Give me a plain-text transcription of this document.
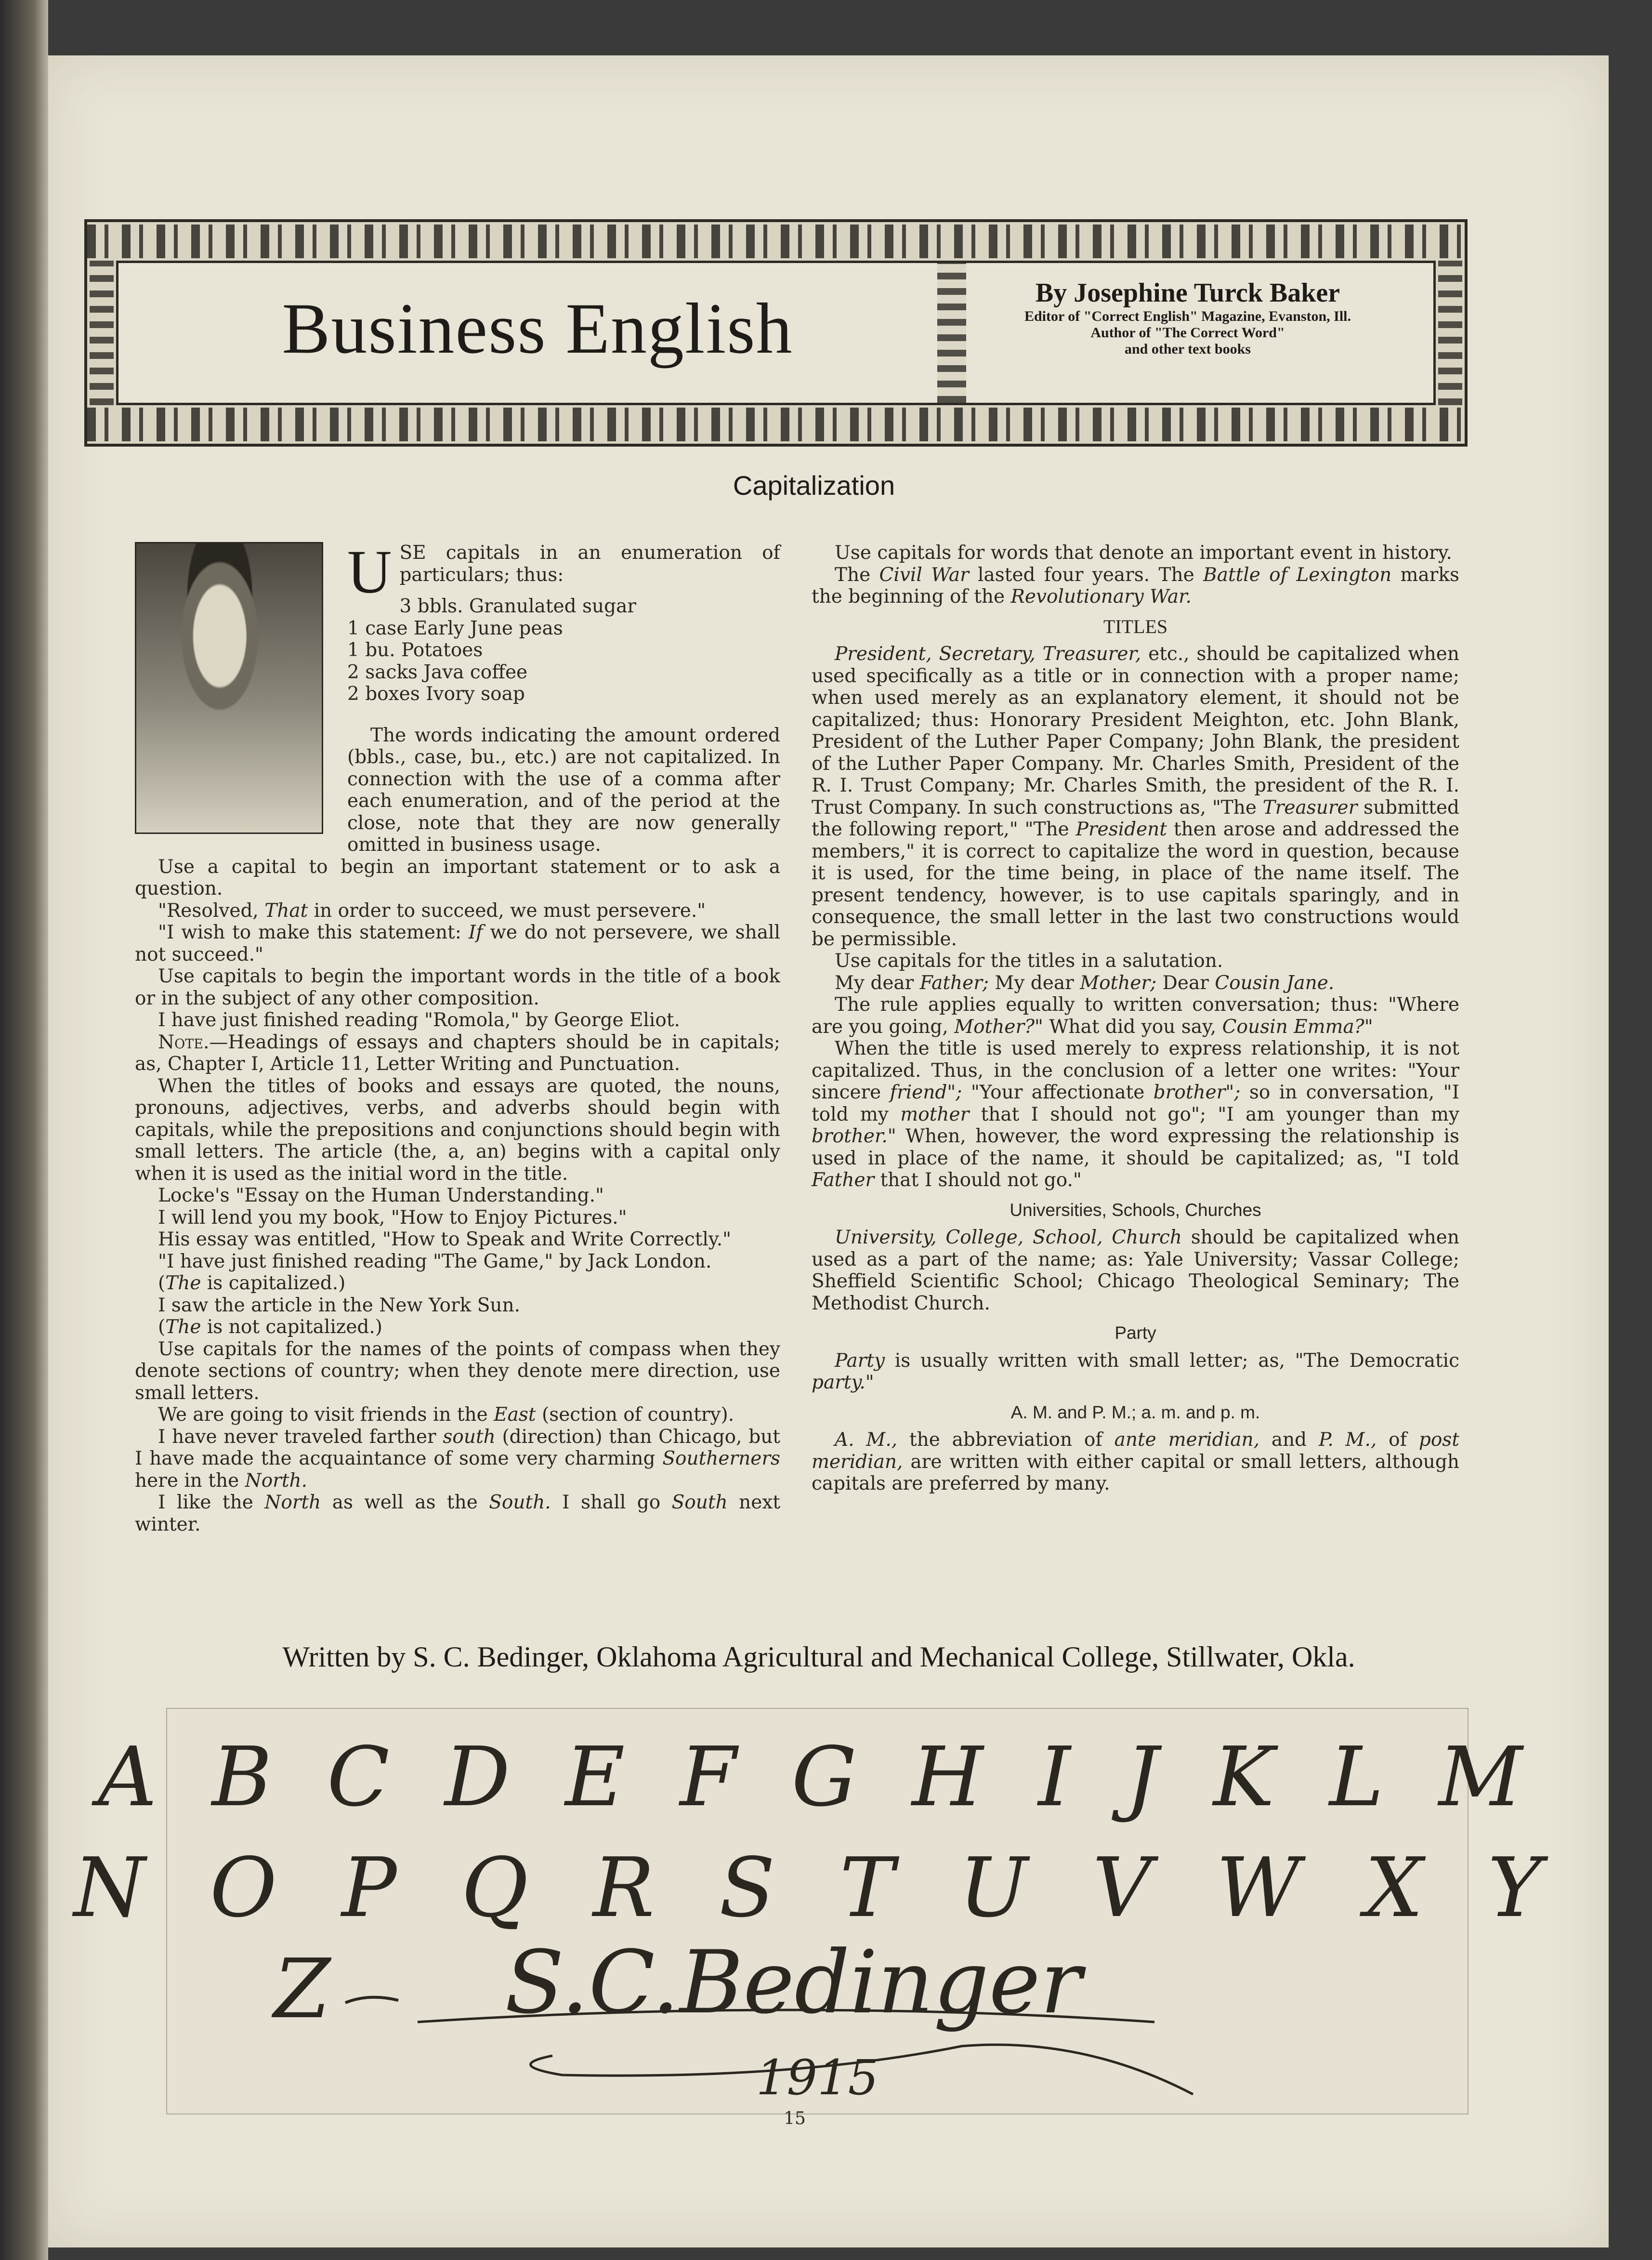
Business English	By Josephine Turck Baker
Editor of "Correct English" Magazine, Evanston, Ill.
Author of "The Correct Word"
and other text books
Capitalization
U SE capitals in an enumeration of particulars; thus:

3 bbls. Granulated sugar
1 case Early June peas
1 bu. Potatoes
2 sacks Java coffee
2 boxes Ivory soap

The words indicating the amount ordered (bbls., case, bu., etc.) are not capitalized. In connection with the use of a comma after each enumeration, and of the period at the close, note that they are now generally omitted in business usage.

Use a capital to begin an important statement or to ask a question.

"Resolved, That in order to succeed, we must persevere."

"I wish to make this statement: If we do not persevere, we shall not succeed."

Use capitals to begin the important words in the title of a book or in the subject of any other composition.

I have just finished reading "Romola," by George Eliot.

Note.—Headings of essays and chapters should be in capitals; as, Chapter I, Article 11, Letter Writing and Punctuation.

When the titles of books and essays are quoted, the nouns, pronouns, adjectives, verbs, and adverbs should begin with capitals, while the prepositions and conjunctions should begin with small letters. The article (the, a, an) begins with a capital only when it is used as the initial word in the title.

Locke's "Essay on the Human Understanding."

I will lend you my book, "How to Enjoy Pictures."

His essay was entitled, "How to Speak and Write Correctly."

"I have just finished reading "The Game," by Jack London.

(The is capitalized.)

I saw the article in the New York Sun.

(The is not capitalized.)

Use capitals for the names of the points of compass when they denote sections of country; when they denote mere direction, use small letters.

We are going to visit friends in the East (section of country).

I have never traveled farther south (direction) than Chicago, but I have made the acquaintance of some very charming Southerners here in the North.

I like the North as well as the South. I shall go South next winter.

Use capitals for words that denote an important event in history.

The Civil War lasted four years. The Battle of Lexington marks the beginning of the Revolutionary War.

TITLES

President, Secretary, Treasurer, etc., should be capitalized when used specifically as a title or in connection with a proper name; when used merely as an explanatory element, it should not be capitalized; thus: Honorary President Meighton, etc. John Blank, President of the Luther Paper Company; John Blank, the president of the Luther Paper Company. Mr. Charles Smith, President of the R. I. Trust Company; Mr. Charles Smith, the president of the R. I. Trust Company. In such constructions as, "The Treasurer submitted the following report," "The President then arose and addressed the members," it is correct to capitalize the word in question, because it is used, for the time being, in place of the name itself. The present tendency, however, is to use capitals sparingly, and in consequence, the small letter in the last two constructions would be permissible.

Use capitals for the titles in a salutation.

My dear Father; My dear Mother; Dear Cousin Jane.

The rule applies equally to written conversation; thus: "Where are you going, Mother?" What did you say, Cousin Emma?"

When the title is used merely to express relationship, it is not capitalized. Thus, in the conclusion of a letter one writes: "Your sincere friend"; "Your affectionate brother"; so in conversation, "I told my mother that I should not go"; "I am younger than my brother." When, however, the word expressing the relationship is used in place of the name, it should be capitalized; as, "I told Father that I should not go."

Universities, Schools, Churches

University, College, School, Church should be capitalized when used as a part of the name; as: Yale University; Vassar College; Sheffield Scientific School; Chicago Theological Seminary; The Methodist Church.

Party

Party is usually written with small letter; as, "The Democratic party."

A. M. and P. M.; a. m. and p. m.

A. M., the abbreviation of ante meridian, and P. M., of post meridian, are written with either capital or small letters, although capitals are preferred by many.

Written by S. C. Bedinger, Oklahoma Agricultural and Mechanical College, Stillwater, Okla.
A B C D E F G H I J K L M
N O P Q R S T U V W X Y
Z S.C.Bedinger
1915
15
